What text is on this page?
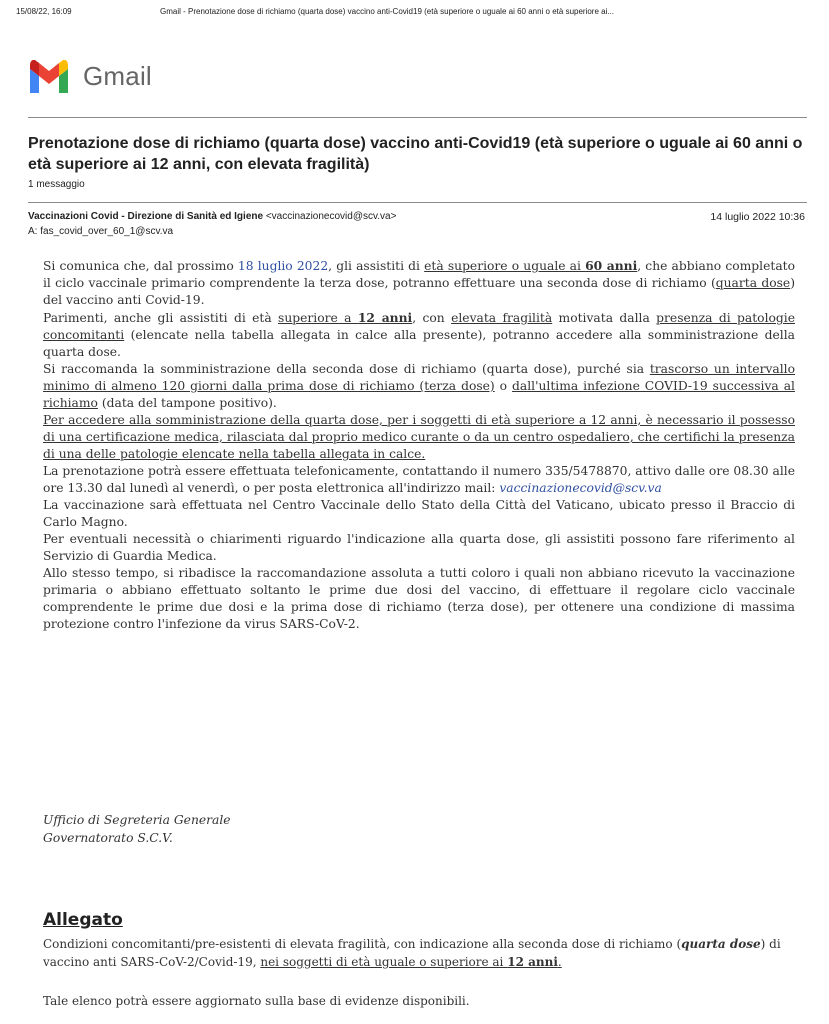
15/08/22, 16:09	Gmail - Prenotazione dose di richiamo (quarta dose) vaccino anti-Covid19 (età superiore o uguale ai 60 anni o età superiore ai...
Gmail
Prenotazione dose di richiamo (quarta dose) vaccino anti-Covid19 (età superiore o uguale ai 60 anni o età superiore ai 12 anni, con elevata fragilità)
1 messaggio
Vaccinazioni Covid - Direzione di Sanità ed Igiene <vaccinazionecovid@scv.va>	14 luglio 2022 10:36
A: fas_covid_over_60_1@scv.va

Si comunica che, dal prossimo 18 luglio 2022, gli assistiti di età superiore o uguale ai 60 anni, che abbiano completato il ciclo vaccinale primario comprendente la terza dose, potranno effettuare una seconda dose di richiamo (quarta dose) del vaccino anti Covid-19.

Parimenti, anche gli assistiti di età superiore a 12 anni, con elevata fragilità motivata dalla presenza di patologie concomitanti (elencate nella tabella allegata in calce alla presente), potranno accedere alla somministrazione della quarta dose.

Si raccomanda la somministrazione della seconda dose di richiamo (quarta dose), purché sia trascorso un intervallo minimo di almeno 120 giorni dalla prima dose di richiamo (terza dose) o dall'ultima infezione COVID-19 successiva al richiamo (data del tampone positivo).

Per accedere alla somministrazione della quarta dose, per i soggetti di età superiore a 12 anni, è necessario il possesso di una certificazione medica, rilasciata dal proprio medico curante o da un centro ospedaliero, che certifichi la presenza di una delle patologie elencate nella tabella allegata in calce.

La prenotazione potrà essere effettuata telefonicamente, contattando il numero 335/5478870, attivo dalle ore 08.30 alle ore 13.30 dal lunedì al venerdì, o per posta elettronica all'indirizzo mail: vaccinazionecovid@scv.va

La vaccinazione sarà effettuata nel Centro Vaccinale dello Stato della Città del Vaticano, ubicato presso il Braccio di Carlo Magno.

Per eventuali necessità o chiarimenti riguardo l'indicazione alla quarta dose, gli assistiti possono fare riferimento al Servizio di Guardia Medica.

Allo stesso tempo, si ribadisce la raccomandazione assoluta a tutti coloro i quali non abbiano ricevuto la vaccinazione primaria o abbiano effettuato soltanto le prime due dosi del vaccino, di effettuare il regolare ciclo vaccinale comprendente le prime due dosi e la prima dose di richiamo (terza dose), per ottenere una condizione di massima protezione contro l'infezione da virus SARS-CoV-2.

Ufficio di Segreteria Generale
Governatorato S.C.V.
Allegato
Condizioni concomitanti/pre-esistenti di elevata fragilità, con indicazione alla seconda dose di richiamo (quarta dose) di vaccino anti SARS-CoV-2/Covid-19, nei soggetti di età uguale o superiore ai 12 anni.
Tale elenco potrà essere aggiornato sulla base di evidenze disponibili.
